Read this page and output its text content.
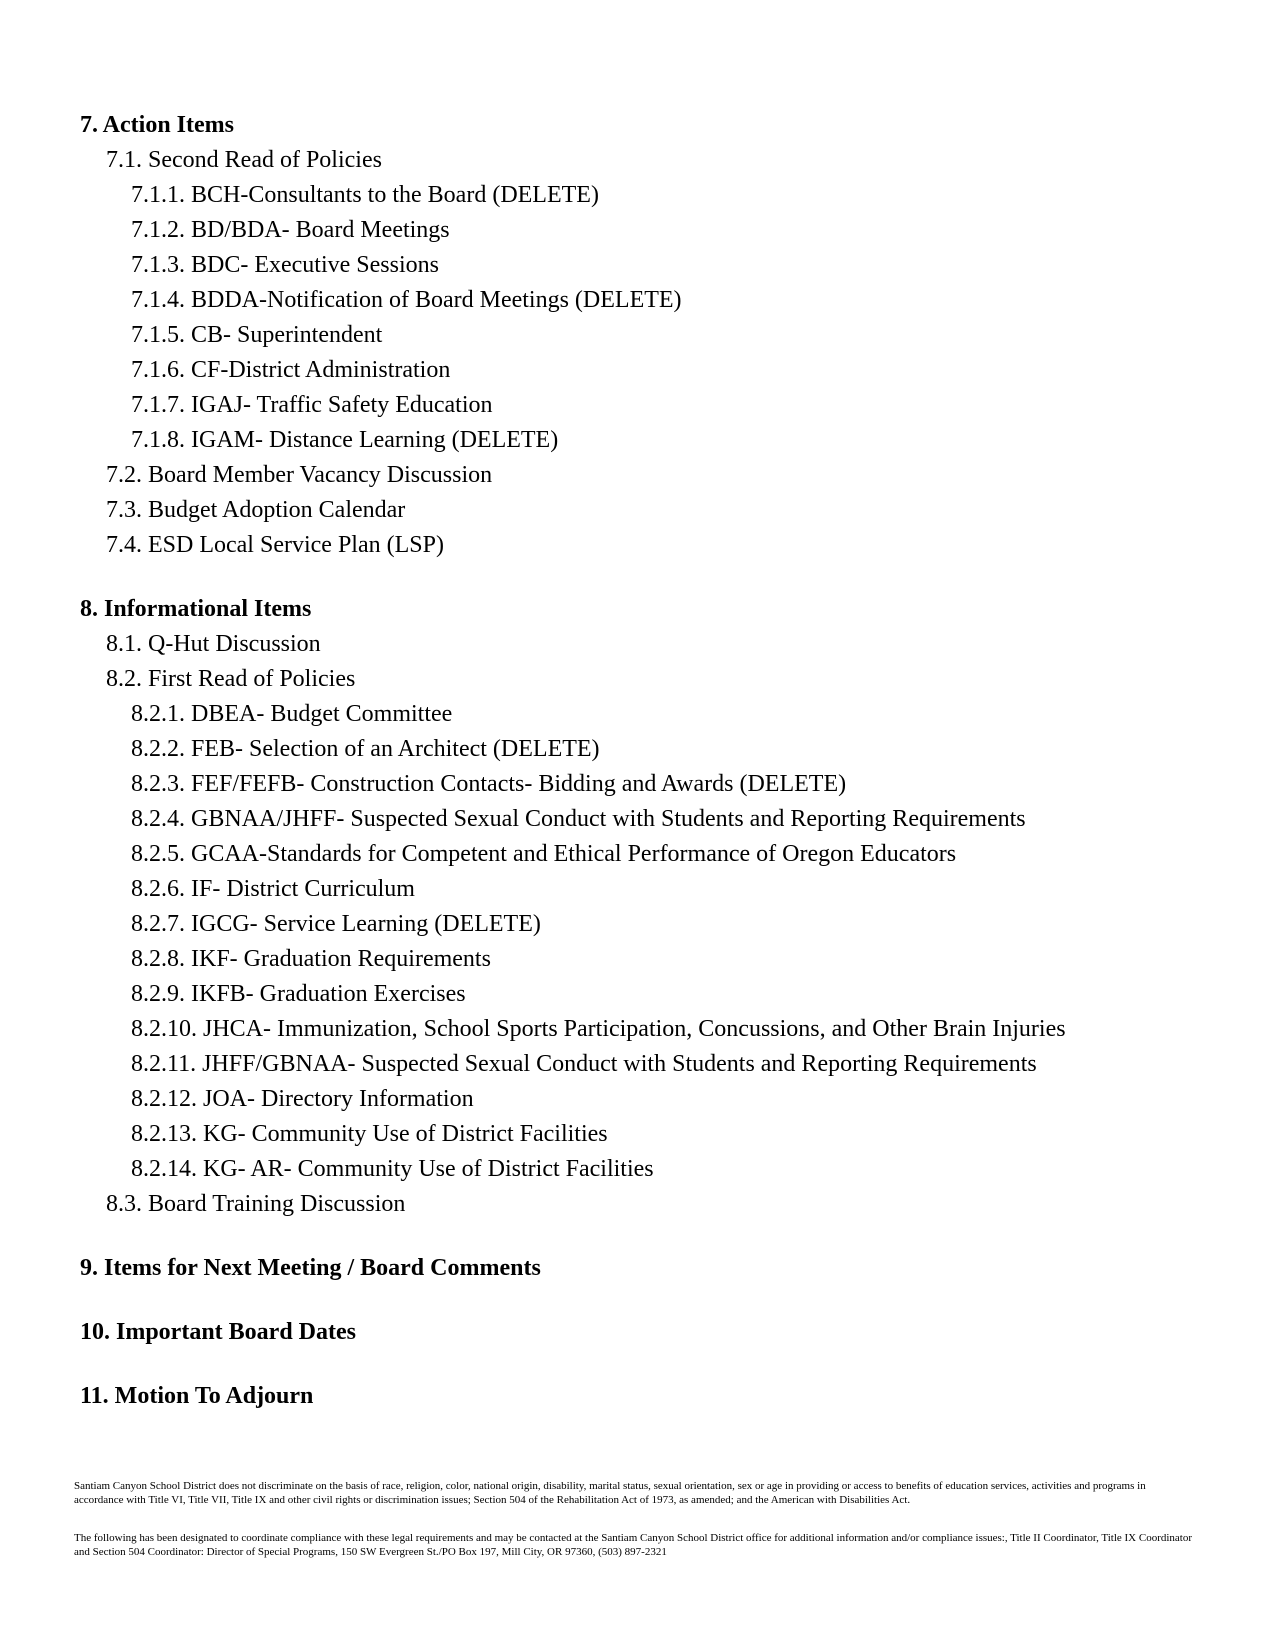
7. Action Items
7.1. Second Read of Policies
7.1.1. BCH-Consultants to the Board (DELETE)
7.1.2. BD/BDA- Board Meetings
7.1.3. BDC- Executive Sessions
7.1.4. BDDA-Notification of Board Meetings (DELETE)
7.1.5. CB- Superintendent
7.1.6. CF-District Administration
7.1.7. IGAJ- Traffic Safety Education
7.1.8. IGAM- Distance Learning (DELETE)
7.2. Board Member Vacancy Discussion
7.3. Budget Adoption Calendar
7.4. ESD Local Service Plan (LSP)
8. Informational Items
8.1. Q-Hut Discussion
8.2. First Read of Policies
8.2.1. DBEA- Budget Committee
8.2.2. FEB- Selection of an Architect (DELETE)
8.2.3. FEF/FEFB- Construction Contacts- Bidding and Awards (DELETE)
8.2.4. GBNAA/JHFF- Suspected Sexual Conduct with Students and Reporting Requirements
8.2.5. GCAA-Standards for Competent and Ethical Performance of Oregon Educators
8.2.6. IF- District Curriculum
8.2.7. IGCG- Service Learning (DELETE)
8.2.8. IKF- Graduation Requirements
8.2.9. IKFB- Graduation Exercises
8.2.10. JHCA- Immunization, School Sports Participation, Concussions, and Other Brain Injuries
8.2.11. JHFF/GBNAA- Suspected Sexual Conduct with Students and Reporting Requirements
8.2.12. JOA- Directory Information
8.2.13. KG- Community Use of District Facilities
8.2.14. KG- AR- Community Use of District Facilities
8.3. Board Training Discussion
9. Items for Next Meeting / Board Comments
10. Important Board Dates
11. Motion To Adjourn
Santiam Canyon School District does not discriminate on the basis of race, religion, color, national origin, disability, marital status, sexual orientation, sex or age in providing or access to benefits of education services, activities and programs in accordance with Title VI, Title VII, Title IX and other civil rights or discrimination issues; Section 504 of the Rehabilitation Act of 1973, as amended; and the American with Disabilities Act.
The following has been designated to coordinate compliance with these legal requirements and may be contacted at the Santiam Canyon School District office for additional information and/or compliance issues:, Title II Coordinator, Title IX Coordinator and Section 504 Coordinator: Director of Special Programs, 150 SW Evergreen St./PO Box 197, Mill City, OR 97360, (503) 897-2321
